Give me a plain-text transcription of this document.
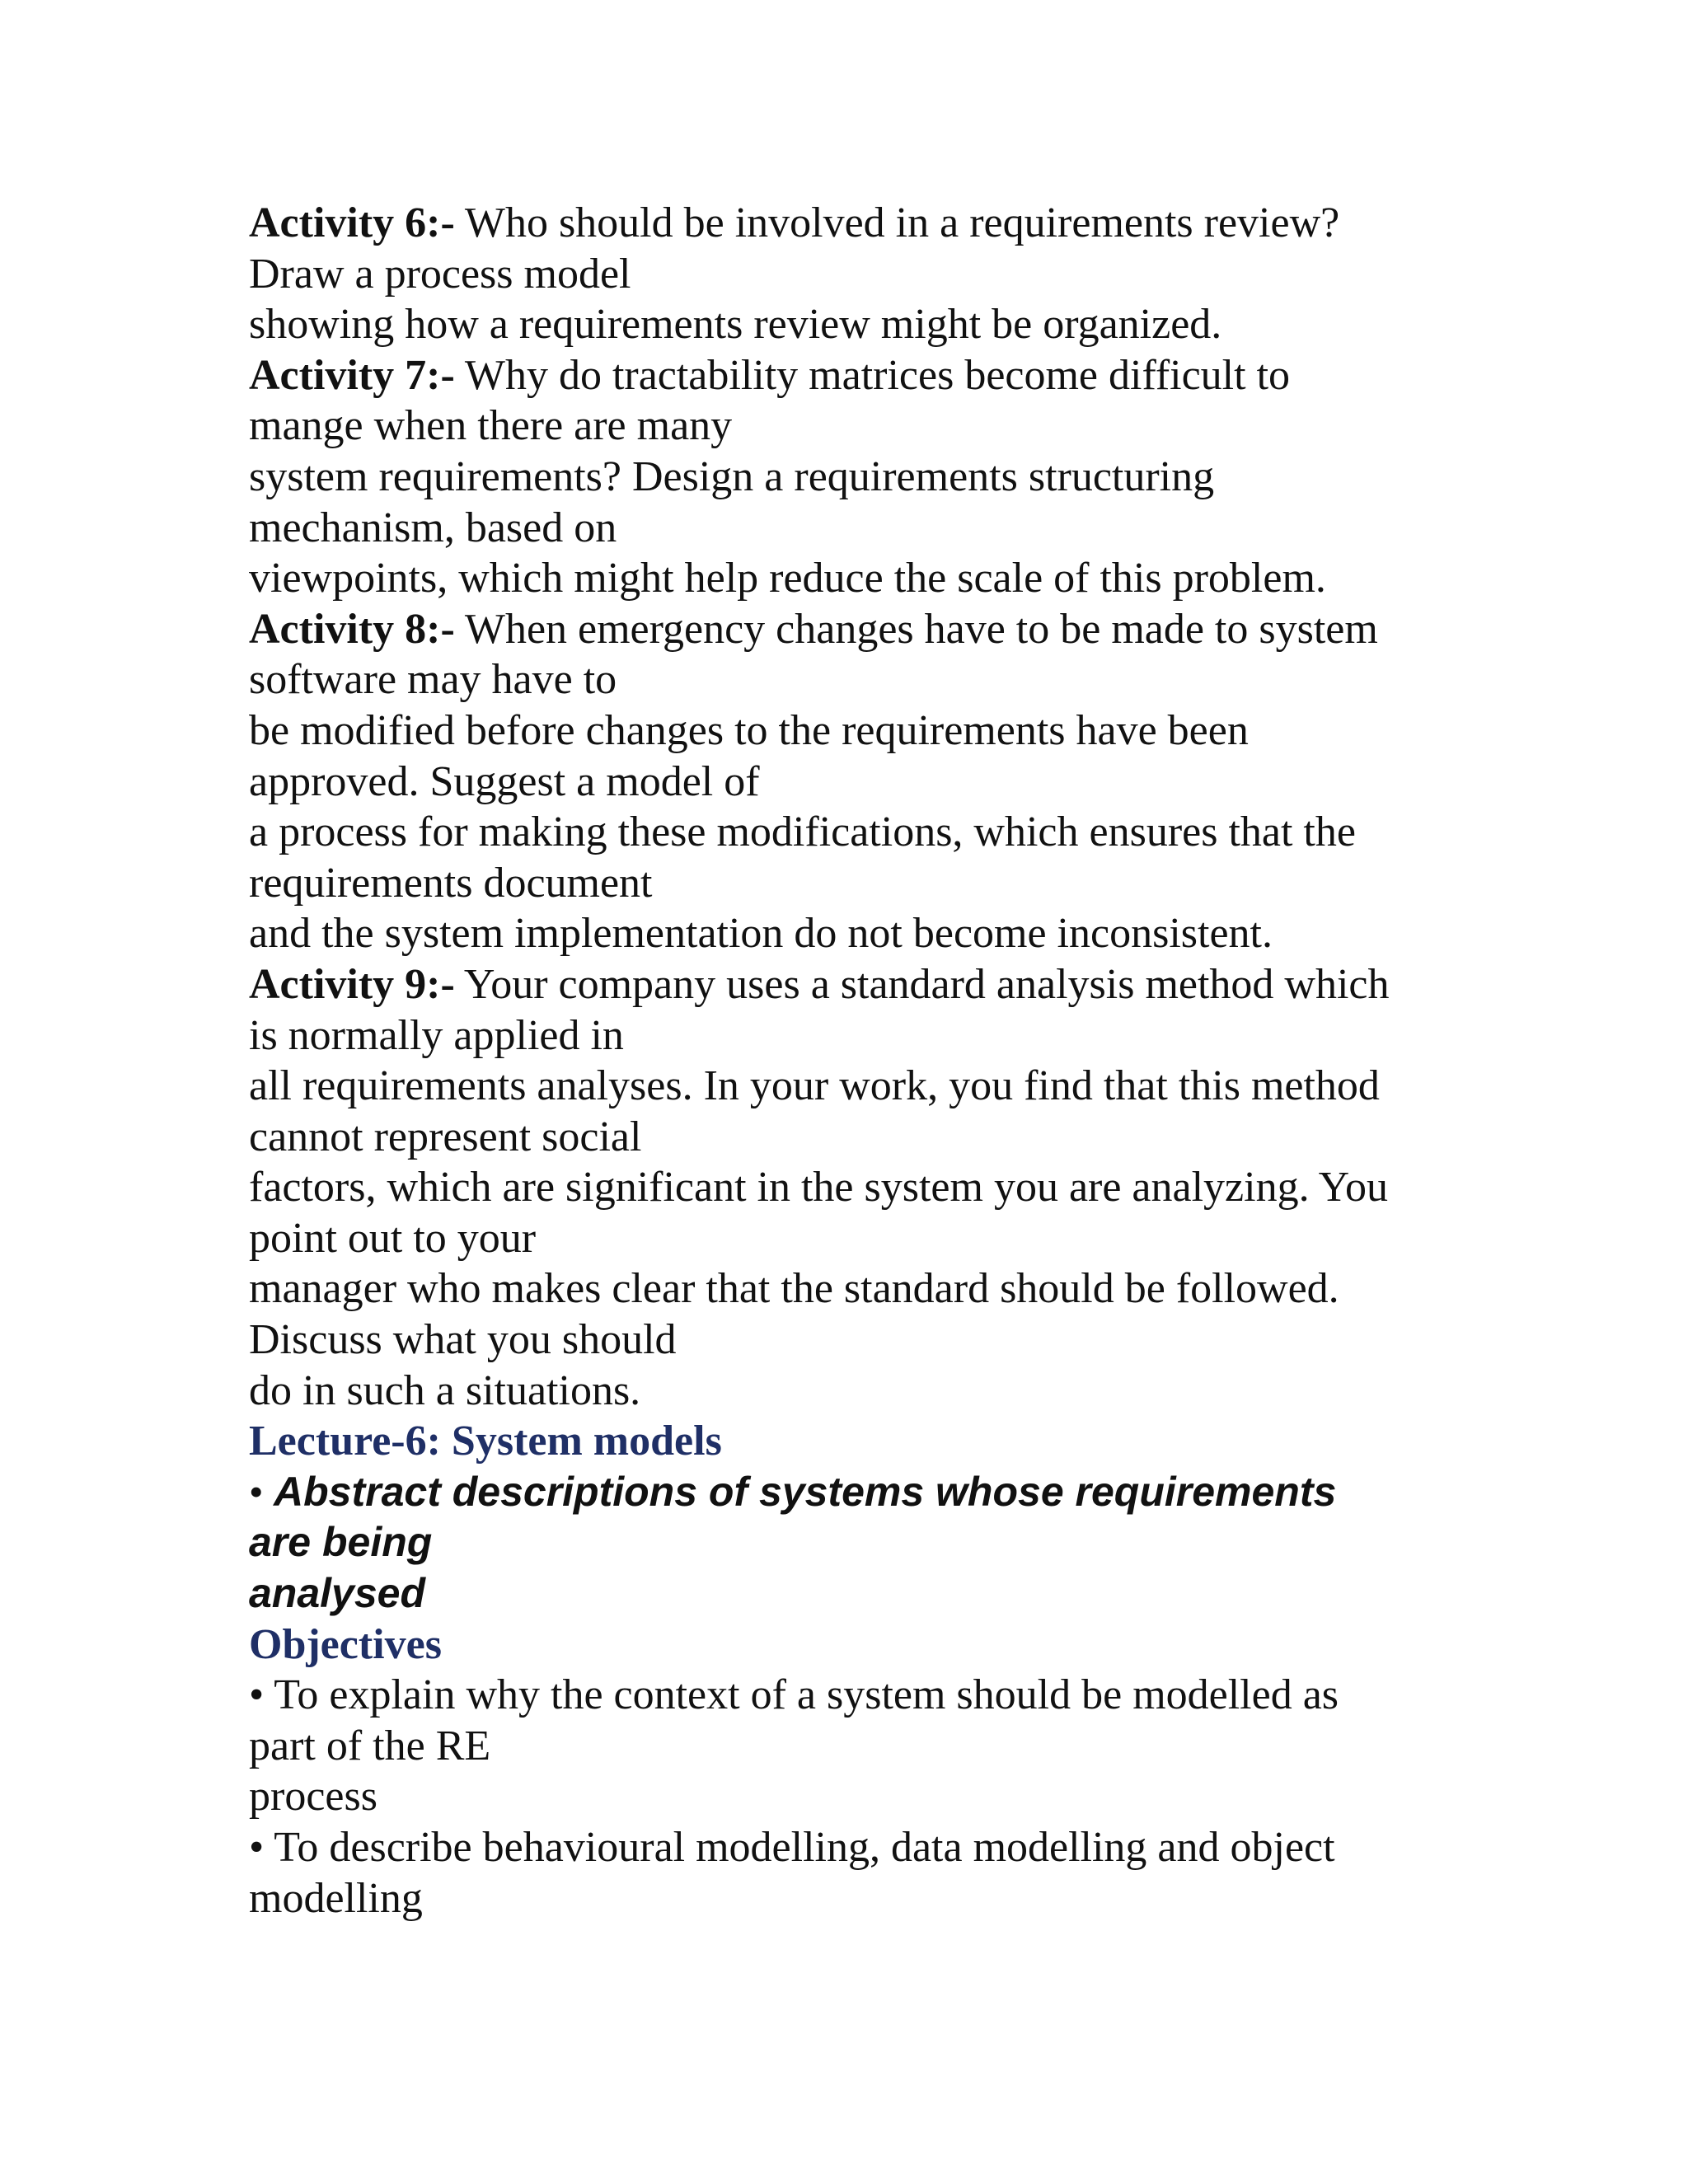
Activity 6:- Who should be involved in a requirements review?
Draw a process model
showing how a requirements review might be organized.
Activity 7:- Why do tractability matrices become difficult to
mange when there are many
system requirements? Design a requirements structuring
mechanism, based on
viewpoints, which might help reduce the scale of this problem.
Activity 8:- When emergency changes have to be made to system
software may have to
be modified before changes to the requirements have been
approved. Suggest a model of
a process for making these modifications, which ensures that the
requirements document
and the system implementation do not become inconsistent.
Activity 9:- Your company uses a standard analysis method which
is normally applied in
all requirements analyses. In your work, you find that this method
cannot represent social
factors, which are significant in the system you are analyzing. You
point out to your
manager who makes clear that the standard should be followed.
Discuss what you should
do in such a situations.
Lecture-6: System models
• Abstract descriptions of systems whose requirements
are being
analysed
Objectives
• To explain why the context of a system should be modelled as
part of the RE
process
• To describe behavioural modelling, data modelling and object
modelling
